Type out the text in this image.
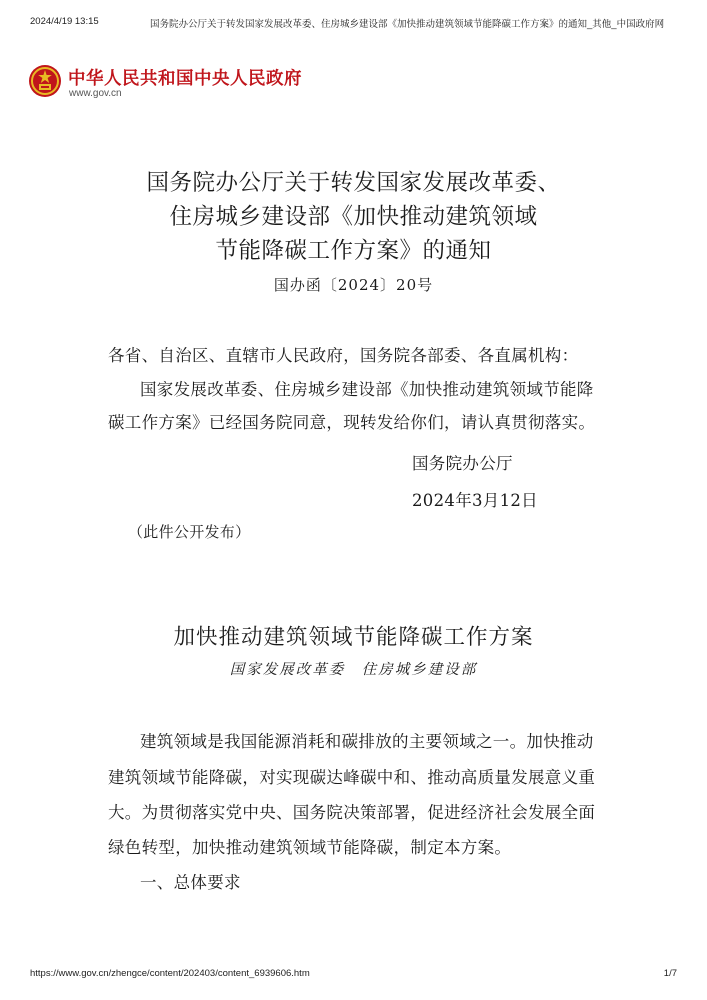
2024/4/19 13:15	国务院办公厅关于转发国家发展改革委、住房城乡建设部《加快推动建筑领域节能降碳工作方案》的通知_其他_中国政府网
中华人民共和国中央人民政府
www.gov.cn
国务院办公厅关于转发国家发展改革委、
住房城乡建设部《加快推动建筑领域
节能降碳工作方案》的通知
国办函〔2024〕20号
各省、自治区、直辖市人民政府，国务院各部委、各直属机构：
国家发展改革委、住房城乡建设部《加快推动建筑领域节能降
碳工作方案》已经国务院同意，现转发给你们，请认真贯彻落实。
国务院办公厅
2024年3月12日
（此件公开发布）
加快推动建筑领域节能降碳工作方案
国家发展改革委　住房城乡建设部
建筑领域是我国能源消耗和碳排放的主要领域之一。加快推动
建筑领域节能降碳，对实现碳达峰碳中和、推动高质量发展意义重
大。为贯彻落实党中央、国务院决策部署，促进经济社会发展全面
绿色转型，加快推动建筑领域节能降碳，制定本方案。
一、总体要求
https://www.gov.cn/zhengce/content/202403/content_6939606.htm	1/7
